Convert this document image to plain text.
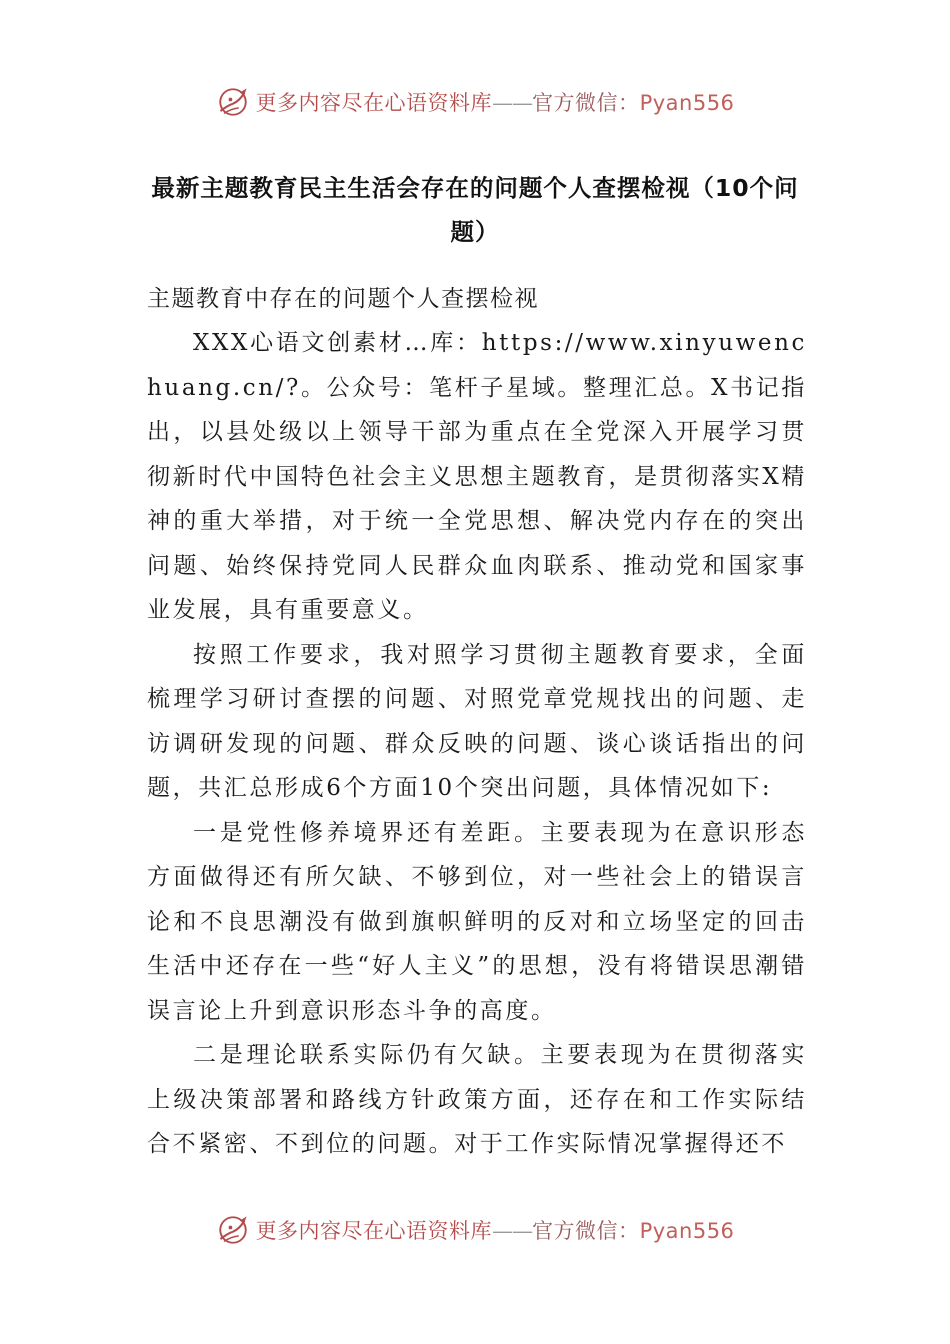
更多内容尽在心语资料库——官方微信：Pyan556
最新主题教育民主生活会存在的问题个人查摆检视（10个问题）

主题教育中存在的问题个人查摆检视

XXX心语文创素材…库：https://www.xinyuwenchuang.cn/?。公众号：笔杆子星域。整理汇总。X书记指出，以县处级以上领导干部为重点在全党深入开展学习贯彻新时代中国特色社会主义思想主题教育，是贯彻落实X精神的重大举措，对于统一全党思想、解决党内存在的突出问题、始终保持党同人民群众血肉联系、推动党和国家事业发展，具有重要意义。

按照工作要求，我对照学习贯彻主题教育要求，全面梳理学习研讨查摆的问题、对照党章党规找出的问题、走访调研发现的问题、群众反映的问题、谈心谈话指出的问题，共汇总形成6个方面10个突出问题，具体情况如下:

一是党性修养境界还有差距。主要表现为在意识形态方面做得还有所欠缺、不够到位，对一些社会上的错误言论和不良思潮没有做到旗帜鲜明的反对和立场坚定的回击生活中还存在一些“好人主义”的思想，没有将错误思潮错误言论上升到意识形态斗争的高度。

二是理论联系实际仍有欠缺。主要表现为在贯彻落实上级决策部署和路线方针政策方面，还存在和工作实际结合不紧密、不到位的问题。对于工作实际情况掌握得还不

更多内容尽在心语资料库——官方微信：Pyan556
